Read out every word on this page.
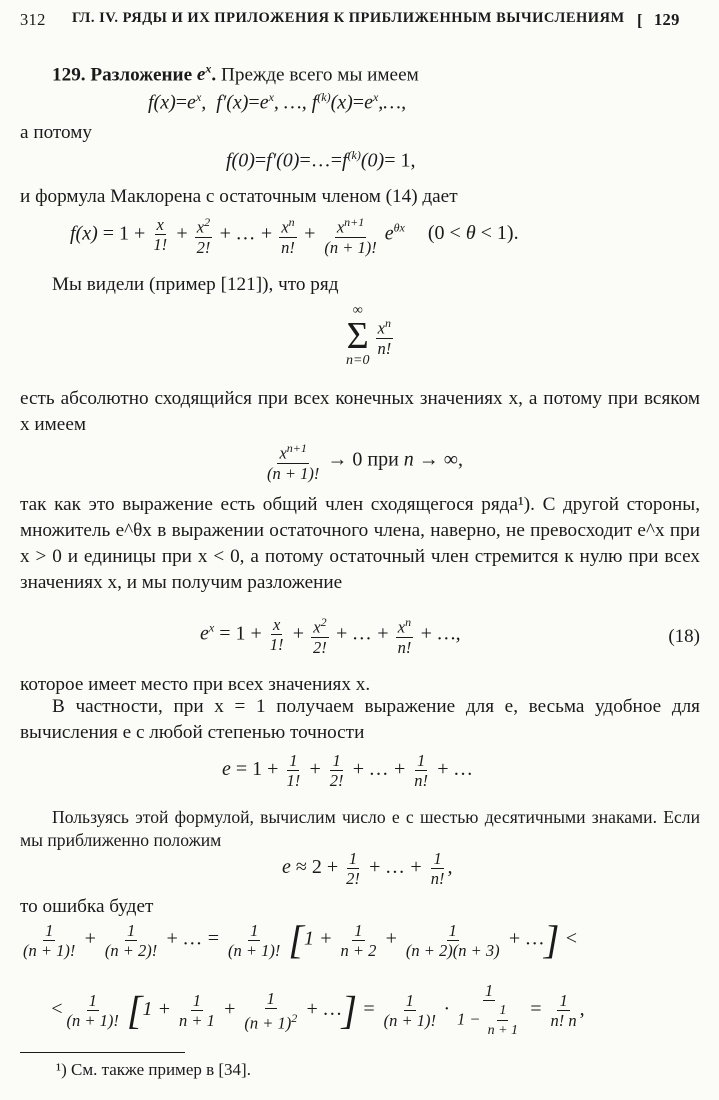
312 ГЛ. IV. РЯДЫ И ИХ ПРИЛОЖЕНИЯ К ПРИБЛИЖЕННЫМ ВЫЧИСЛЕНИЯМ [ 129
129. Разложение $e^x$. Прежде всего мы имеем
$f(x)=e^x$,  $f'(x)=e^x$, …, $f^{(k)}(x)=e^x,\dots$,
а потому
$f(0)=f'(0)=\dots=f^{(k)}(0)= 1$,
и формула Маклорена с остаточным членом (14) дает
$f(x) = 1 + \frac{x}{1!} + \frac{x^2}{2!}$ + … + $\frac{x^n}{n!} + \frac{x^{n+1}}{(n + 1)!} e^{\theta x}$ (0 < θ < 1).
Мы видели (пример [121]), что ряд
∞
Σ
n=0

$\frac{x^n}{n!}$
есть абсолютно сходящийся при всех конечных значениях x, а потому при всяком x имеем
$\frac{x^{n+1}}{(n + 1)!} \to 0$ при n → ∞,
так как это выражение есть общий член сходящегося ряда¹). С другой стороны, множитель e^θx в выражении остаточного члена, наверно, не превосходит e^x при x > 0 и единицы при x < 0, а потому остаточный член стремится к нулю при всех значениях x, и мы получим разложение
$e^x = 1 + \frac{x}{1!} + \frac{x^2}{2!}$ + … + $\frac{x^n}{n!}$ + …,	(18)
которое имеет место при всех значениях x.
В частности, при x = 1 получаем выражение для e, весьма удобное для вычисления e с любой степенью точности
$e = 1 + \frac{1}{1!} + \frac{1}{2!}$ + … + $\frac{1}{n!}$ + …
Пользуясь этой формулой, вычислим число e с шестью десятичными знаками. Если мы приближенно положим
$e \approx 2 + \frac{1}{2!}$ + … + $\frac{1}{n!}$ ,
то ошибка будет
$\frac{1}{(n + 1)!} + \frac{1}{(n + 2)!}$ + … = $\frac{1}{(n + 1)!} [1 + \frac{1}{n + 2} + \frac{1}{(n + 2)(n + 3)}$ + …] <
< $\frac{1}{(n + 1)!} [1 + \frac{1}{n + 1} + \frac{1}{(n + 1)^2}$ + …] = $\frac{1}{(n + 1)!} \cdot \frac{1}{1 - \frac{1}{n + 1}} = \frac{1}{n! n}$ ,
¹) См. также пример в [34].
